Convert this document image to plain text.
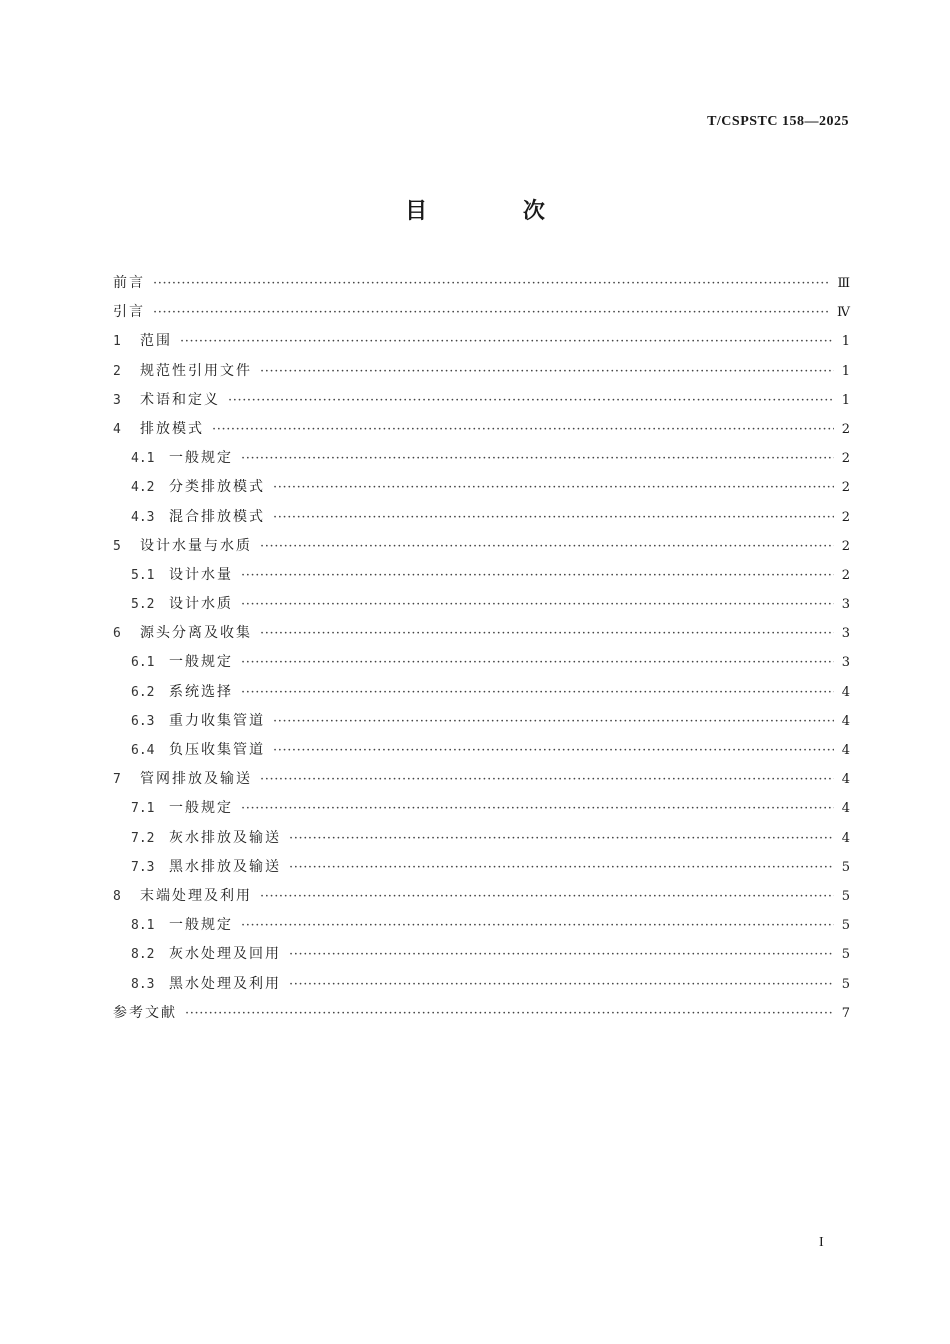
T/CSPSTC 158—2025
目 次
前言 ·····	Ⅲ
引言 ·····	Ⅳ
1	范围 ·····	1
2	规范性引用文件 ·····	1
3	术语和定义 ·····	1
4	排放模式 ·····	2
4.1	一般规定 ·····	2
4.2	分类排放模式 ·····	2
4.3	混合排放模式 ·····	2
5	设计水量与水质 ·····	2
5.1	设计水量 ·····	2
5.2	设计水质 ·····	3
6	源头分离及收集 ·····	3
6.1	一般规定 ·····	3
6.2	系统选择 ·····	4
6.3	重力收集管道 ·····	4
6.4	负压收集管道 ·····	4
7	管网排放及输送 ·····	4
7.1	一般规定 ·····	4
7.2	灰水排放及输送 ·····	4
7.3	黑水排放及输送 ·····	5
8	末端处理及利用 ·····	5
8.1	一般规定 ·····	5
8.2	灰水处理及回用 ·····	5
8.3	黑水处理及利用 ·····	5
参考文献 ·····	7
I
